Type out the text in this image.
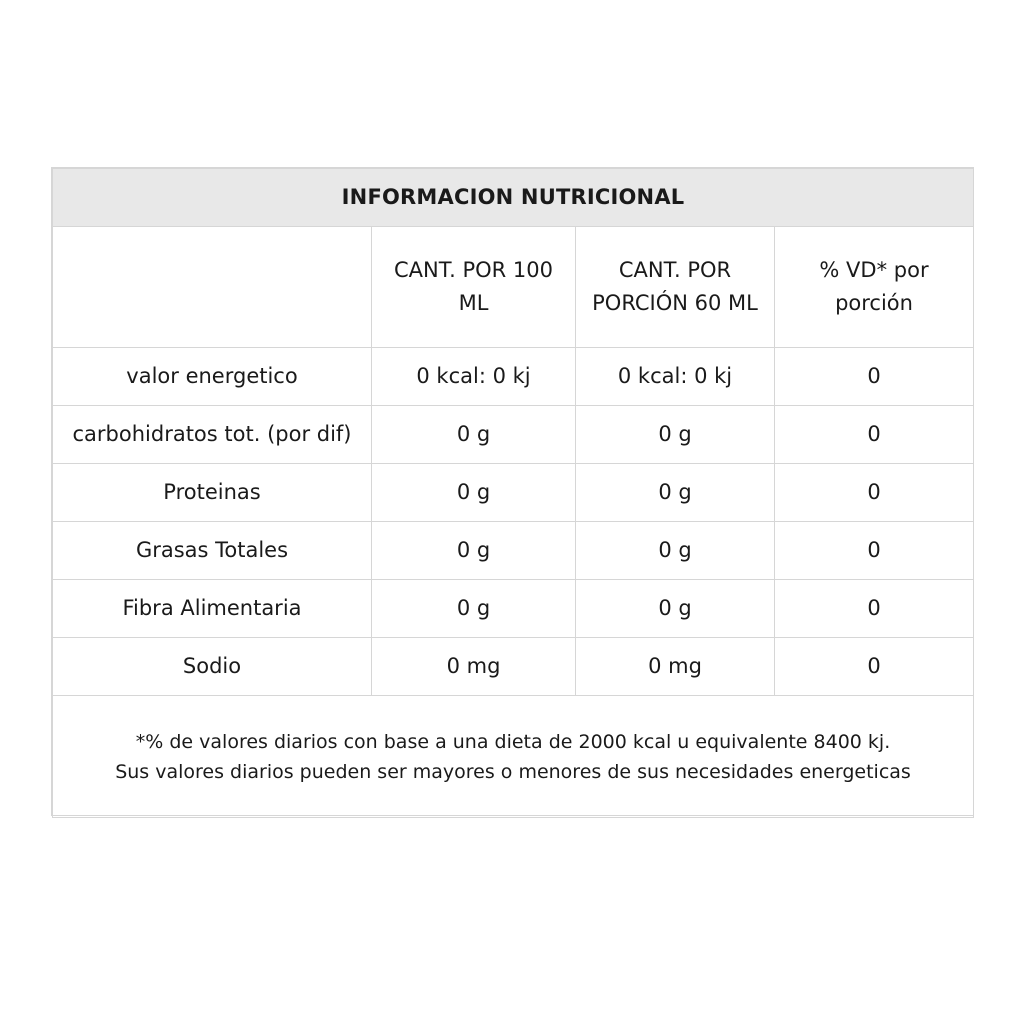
INFORMACION NUTRICIONAL			
	CANT. POR 100 ML	CANT. POR PORCIÓN 60 ML	% VD* por porción
valor energetico	0 kcal: 0 kj	0 kcal: 0 kj	0
carbohidratos tot. (por dif)	0 g	0 g	0
Proteinas	0 g	0 g	0
Grasas Totales	0 g	0 g	0
Fibra Alimentaria	0 g	0 g	0
Sodio	0 mg	0 mg	0

*% de valores diarios con base a una dieta de 2000 kcal u equivalente 8400 kj.
Sus valores diarios pueden ser mayores o menores de sus necesidades energeticas			
